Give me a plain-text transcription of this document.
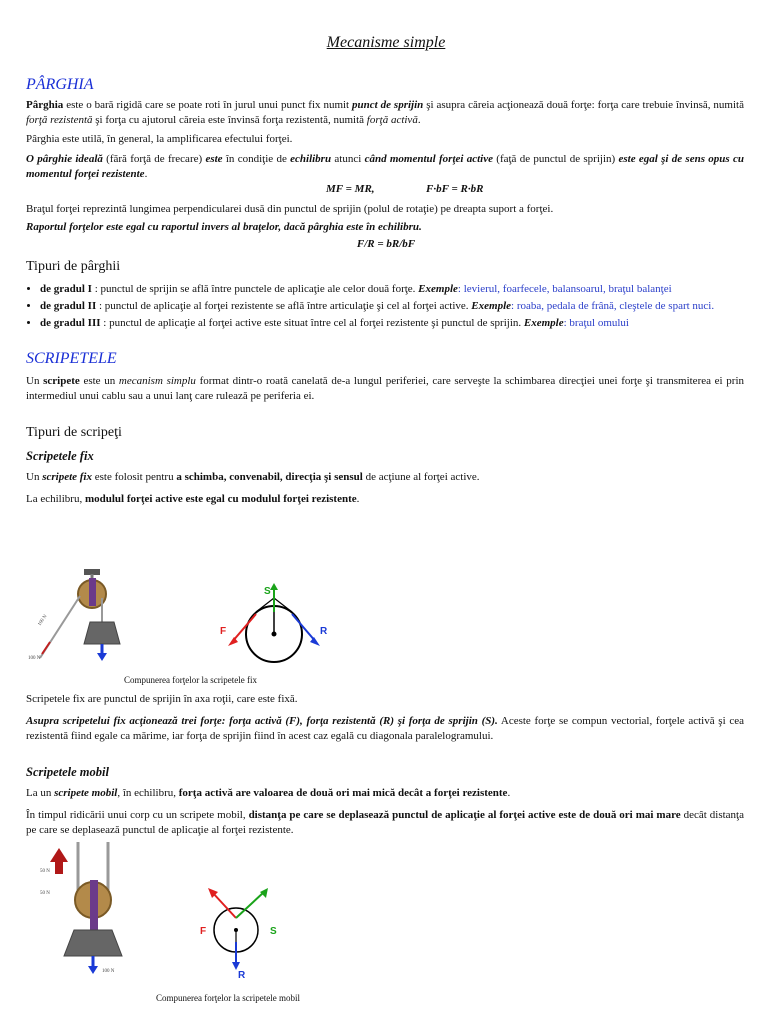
Mecanisme simple
PÂRGHIA
Pârghia este o bară rigidă care se poate roti în jurul unui punct fix numit punct de sprijin şi asupra căreia acţionează două forţe: forţa care trebuie învinsă, numită forţă rezistentă şi forţa cu ajutorul căreia este învinsă forţa rezistentă, numită forţă activă.
Pârghia este utilă, în general, la amplificarea efectului forţei.
O pârghie ideală (fără forţă de frecare) este în condiţie de echilibru atunci când momentul forţei active (faţă de punctul de sprijin) este egal şi de sens opus cu momentul forţei rezistente.
MF = MR,	F·bF = R·bR
Braţul forţei reprezintă lungimea perpendicularei dusă din punctul de sprijin (polul de rotaţie) pe dreapta suport a forţei.
Raportul forţelor este egal cu raportul invers al braţelor, dacă pârghia este în echilibru.
F/R = bR/bF
Tipuri de pârghii
• de gradul I : punctul de sprijin se află între punctele de aplicaţie ale celor două forţe. Exemple: levierul, foarfecele, balansoarul, braţul balanţei
• de gradul II : punctul de aplicaţie al forţei rezistente se află între articulaţie şi cel al forţei active. Exemple: roaba, pedala de frână, cleştele de spart nuci.
• de gradul III : punctul de aplicaţie al forţei active este situat între cel al forţei rezistente şi punctul de sprijin. Exemple: braţul omului
SCRIPETELE
Un scripete este un mecanism simplu format dintr-o roată canelată de-a lungul periferiei, care serveşte la schimbarea direcţiei unei forţe şi transmiterea ei prin intermediul unui cablu sau a unui lanţ care rulează pe periferia ei.
Tipuri de scripeţi
Scripetele fix
Un scripete fix este folosit pentru a schimba, convenabil, direcţia şi sensul de acţiune al forţei active.
La echilibru, modulul forţei active este egal cu modulul forţei rezistente.
100 N
100 N
S
F	R
Compunerea forţelor la scripetele fix
Scripetele fix are punctul de sprijin în axa roţii, care este fixă.
Asupra scripetelui fix acţionează trei forţe: forţa activă (F), forţa rezistentă (R) şi forţa de sprijin (S). Aceste forţe se compun vectorial, forţele activă şi cea rezistentă fiind egale ca mărime, iar forţa de sprijin fiind în acest caz egală cu diagonala paralelogramului.
Scripetele mobil
La un scripete mobil, în echilibru, forţa activă are valoarea de două ori mai mică decât a forţei rezistente.
În timpul ridicării unui corp cu un scripete mobil, distanţa pe care se deplasează punctul de aplicaţie al forţei active este de două ori mai mare decât distanţa pe care se deplasează punctul de aplicaţie al forţei rezistente.
50 N
50 N
100 N
F	S
R
Compunerea forţelor la scripetele mobil
